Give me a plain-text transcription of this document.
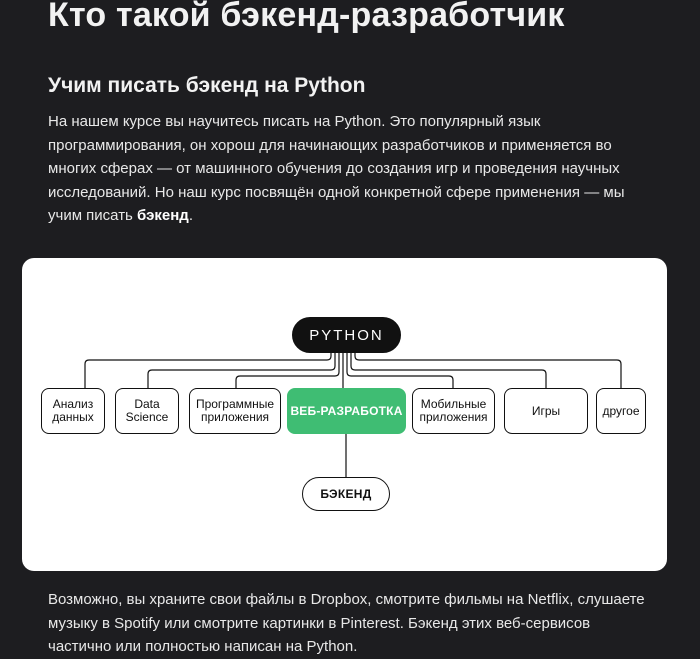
Кто такой бэкенд-разработчик
Учим писать бэкенд на Python

На нашем курсе вы научитесь писать на Python. Это популярный язык программирования, он хорош для начинающих разработчиков и применяется во многих сферах — от машинного обучения до создания игр и проведения научных исследований. Но наш курс посвящён одной конкретной сфере применения — мы учим писать бэкенд.

PYTHON
Анализ
данных
Data
Science
Программные
приложения	ВЕБ-РАЗРАБОТКА	Мобильные
приложения	Игры	другое
БЭКЕНД

Возможно, вы храните свои файлы в Dropbox, смотрите фильмы на Netflix, слушаете музыку в Spotify или смотрите картинки в Pinterest. Бэкенд этих веб-сервисов частично или полностью написан на Python.
